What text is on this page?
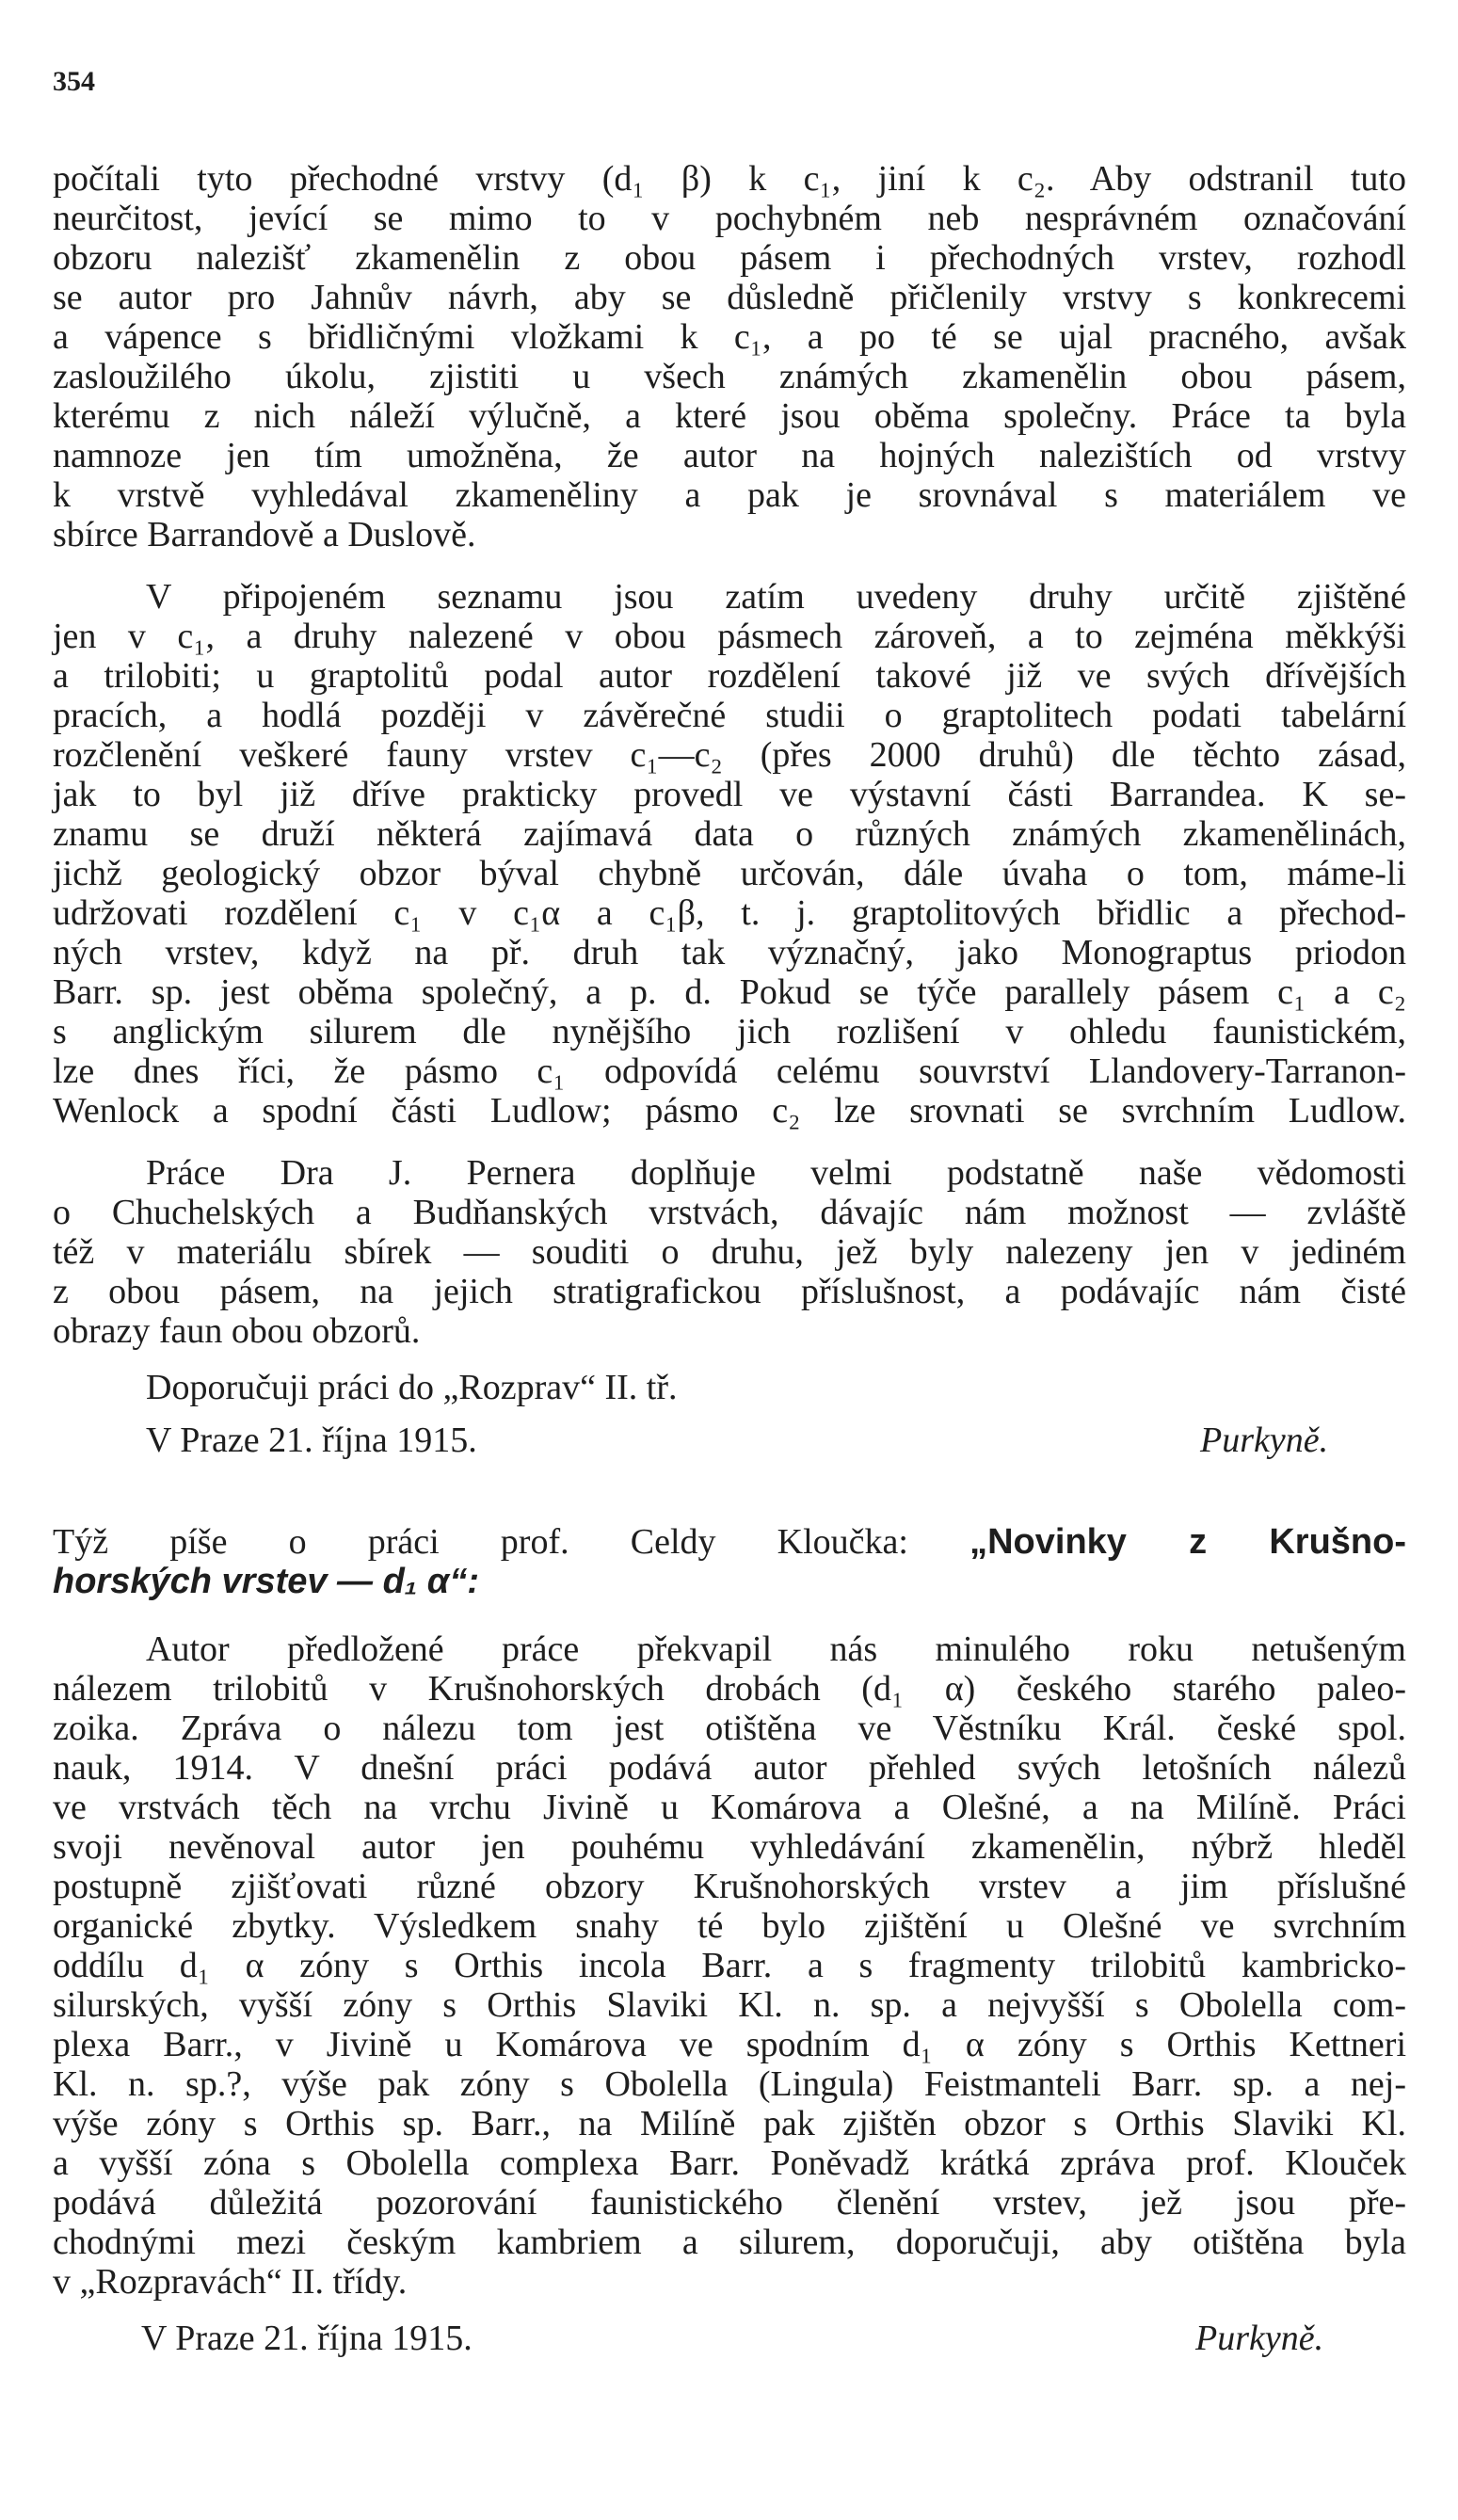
354
počítali tyto přechodné vrstvy (d₁ β) k c₁, jiní k c₂. Aby odstranil tuto
neurčitost, jevící se mimo to v pochybném neb nesprávném označování
obzoru nalezišť zkamenělin z obou pásem i přechodných vrstev, rozhodl
se autor pro Jahnův návrh, aby se důsledně přičlenily vrstvy s konkrecemi
a vápence s břidličnými vložkami k c₁, a po té se ujal pracného, avšak
zasloužilého úkolu, zjistiti u všech známých zkamenělin obou pásem,
kterému z nich náleží výlučně, a které jsou oběma společny. Práce ta byla
namnoze jen tím umožněna, že autor na hojných nalezištích od vrstvy
k vrstvě vyhledával zkameněliny a pak je srovnával s materiálem ve
sbírce Barrandově a Duslově.
V připojeném seznamu jsou zatím uvedeny druhy určitě zjištěné
jen v c₁, a druhy nalezené v obou pásmech zároveň, a to zejména měkkýši
a trilobiti; u graptolitů podal autor rozdělení takové již ve svých dřívějších
pracích, a hodlá později v závěrečné studii o graptolitech podati tabelární
rozčlenění veškeré fauny vrstev c₁—c₂ (přes 2000 druhů) dle těchto zásad,
jak to byl již dříve prakticky provedl ve výstavní části Barrandea. K se-
znamu se druží některá zajímavá data o různých známých zkamenělinách,
jichž geologický obzor býval chybně určován, dále úvaha o tom, máme-li
udržovati rozdělení c₁ v c₁α a c₁β, t. j. graptolitových břidlic a přechod-
ných vrstev, když na př. druh tak význačný, jako Monograptus priodon
Barr. sp. jest oběma společný, a p. d. Pokud se týče parallely pásem c₁ a c₂
s anglickým silurem dle nynějšího jich rozlišení v ohledu faunistickém,
lze dnes říci, že pásmo c₁ odpovídá celému souvrství Llandovery-Tarranon-
Wenlock a spodní části Ludlow; pásmo c₂ lze srovnati se svrchním Ludlow.
Práce Dra J. Pernera doplňuje velmi podstatně naše vědomosti
o Chuchelských a Budňanských vrstvách, dávajíc nám možnost — zvláště
též v materiálu sbírek — souditi o druhu, jež byly nalezeny jen v jediném
z obou pásem, na jejich stratigrafickou příslušnost, a podávajíc nám čisté
obrazy faun obou obzorů.
Doporučuji práci do „Rozprav“ II. tř.
V Praze 21. října 1915.	Purkyně.
Týž píše o práci prof. Celdy Kloučka: „Novinky z Krušno-
horských vrstev — d₁ α“:
Autor předložené práce překvapil nás minulého roku netušeným
nálezem trilobitů v Krušnohorských drobách (d₁ α) českého starého paleo-
zoika. Zpráva o nálezu tom jest otištěna ve Věstníku Král. české spol.
nauk, 1914. V dnešní práci podává autor přehled svých letošních nálezů
ve vrstvách těch na vrchu Jivině u Komárova a Olešné, a na Milíně. Práci
svoji nevěnoval autor jen pouhému vyhledávání zkamenělin, nýbrž hleděl
postupně zjišťovati různé obzory Krušnohorských vrstev a jim příslušné
organické zbytky. Výsledkem snahy té bylo zjištění u Olešné ve svrchním
oddílu d₁ α zóny s Orthis incola Barr. a s fragmenty trilobitů kambricko-
silurských, vyšší zóny s Orthis Slaviki Kl. n. sp. a nejvyšší s Obolella com-
plexa Barr., v Jivině u Komárova ve spodním d₁ α zóny s Orthis Kettneri
Kl. n. sp.?, výše pak zóny s Obolella (Lingula) Feistmanteli Barr. sp. a nej-
výše zóny s Orthis sp. Barr., na Milíně pak zjištěn obzor s Orthis Slaviki Kl.
a vyšší zóna s Obolella complexa Barr. Poněvadž krátká zpráva prof. Klouček
podává důležitá pozorování faunistického členění vrstev, jež jsou pře-
chodnými mezi českým kambriem a silurem, doporučuji, aby otištěna byla
v „Rozpravách“ II. třídy.
V Praze 21. října 1915.	Purkyně.
